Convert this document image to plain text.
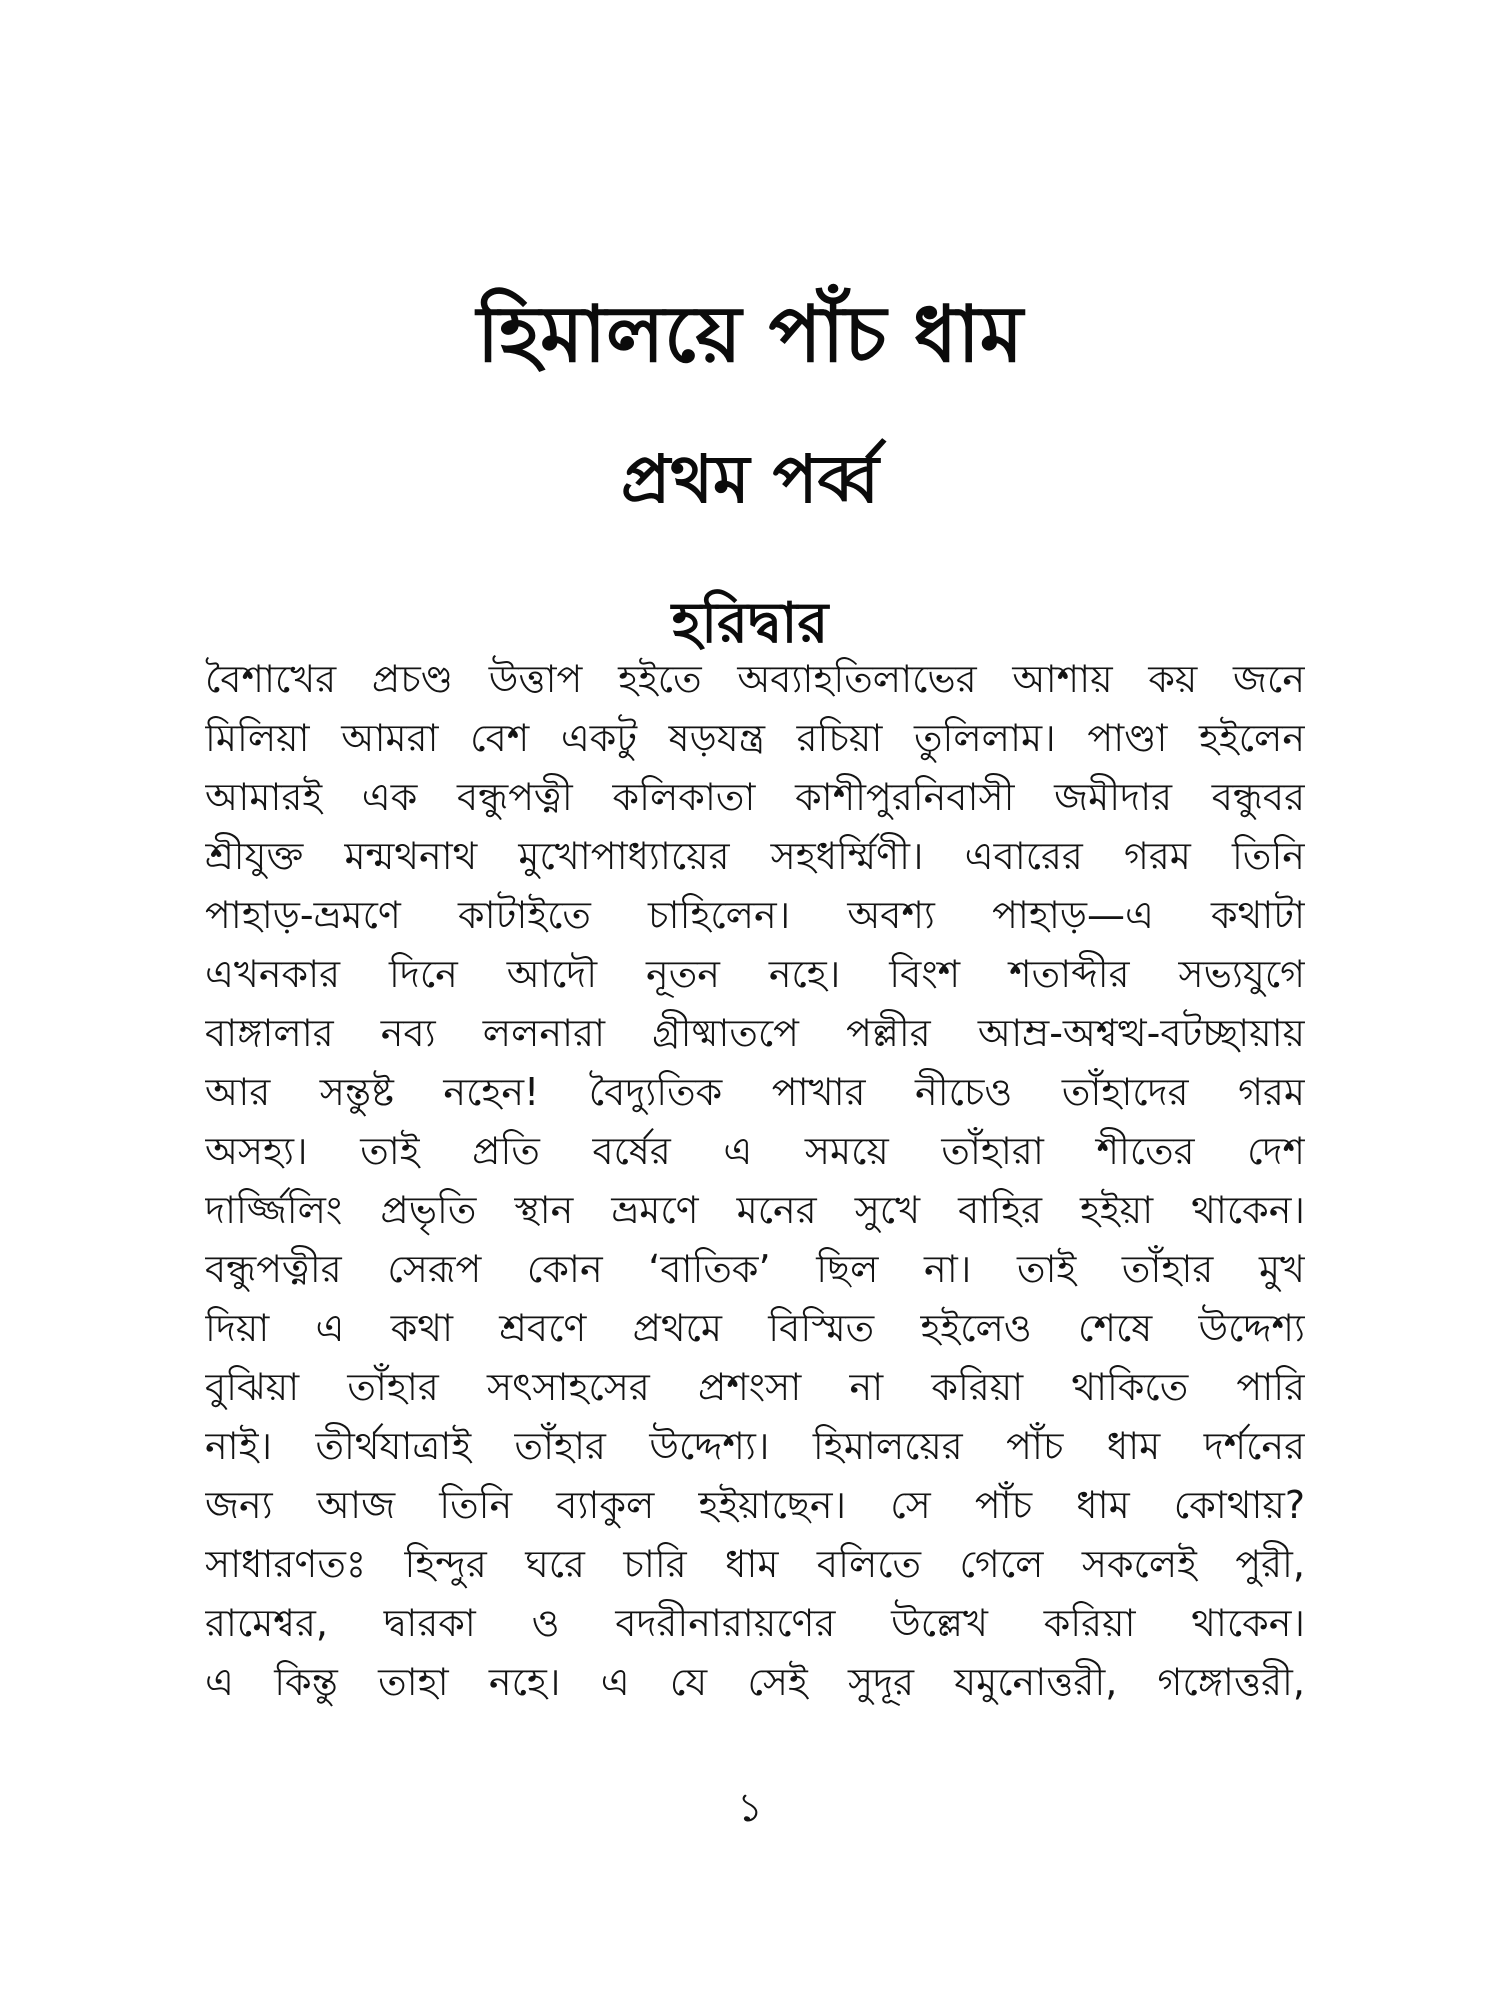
হিমালয়ে পাঁচ ধাম
প্রথম পর্ব্ব
হরিদ্বার
বৈশাখের প্রচণ্ড উত্তাপ হইতে অব্যাহতিলাভের আশায় কয় জনে
মিলিয়া আমরা বেশ একটু ষড়যন্ত্র রচিয়া তুলিলাম। পাণ্ডা হইলেন
আমারই এক বন্ধুপত্নী কলিকাতা কাশীপুরনিবাসী জমীদার বন্ধুবর
শ্রীযুক্ত মন্মথনাথ মুখোপাধ্যায়ের সহধর্ম্মিণী। এবারের গরম তিনি
পাহাড়-ভ্রমণে কাটাইতে চাহিলেন। অবশ্য পাহাড়—এ কথাটা
এখনকার দিনে আদৌ নূতন নহে। বিংশ শতাব্দীর সভ্যযুগে
বাঙ্গালার নব্য ললনারা গ্রীষ্মাতপে পল্লীর আম্র-অশ্বত্থ-বটচ্ছায়ায়
আর সন্তুষ্ট নহেন! বৈদ্যুতিক পাখার নীচেও তাঁহাদের গরম
অসহ্য। তাই প্রতি বর্ষের এ সময়ে তাঁহারা শীতের দেশ
দার্জ্জিলিং প্রভৃতি স্থান ভ্রমণে মনের সুখে বাহির হইয়া থাকেন।
বন্ধুপত্নীর সেরূপ কোন ‘বাতিক’ ছিল না। তাই তাঁহার মুখ
দিয়া এ কথা শ্রবণে প্রথমে বিস্মিত হইলেও শেষে উদ্দেশ্য
বুঝিয়া তাঁহার সৎসাহসের প্রশংসা না করিয়া থাকিতে পারি
নাই। তীর্থযাত্রাই তাঁহার উদ্দেশ্য। হিমালয়ের পাঁচ ধাম দর্শনের
জন্য আজ তিনি ব্যাকুল হইয়াছেন। সে পাঁচ ধাম কোথায়?
সাধারণতঃ হিন্দুর ঘরে চারি ধাম বলিতে গেলে সকলেই পুরী,
রামেশ্বর, দ্বারকা ও বদরীনারায়ণের উল্লেখ করিয়া থাকেন।
এ কিন্তু তাহা নহে। এ যে সেই সুদূর যমুনোত্তরী, গঙ্গোত্তরী,
১
